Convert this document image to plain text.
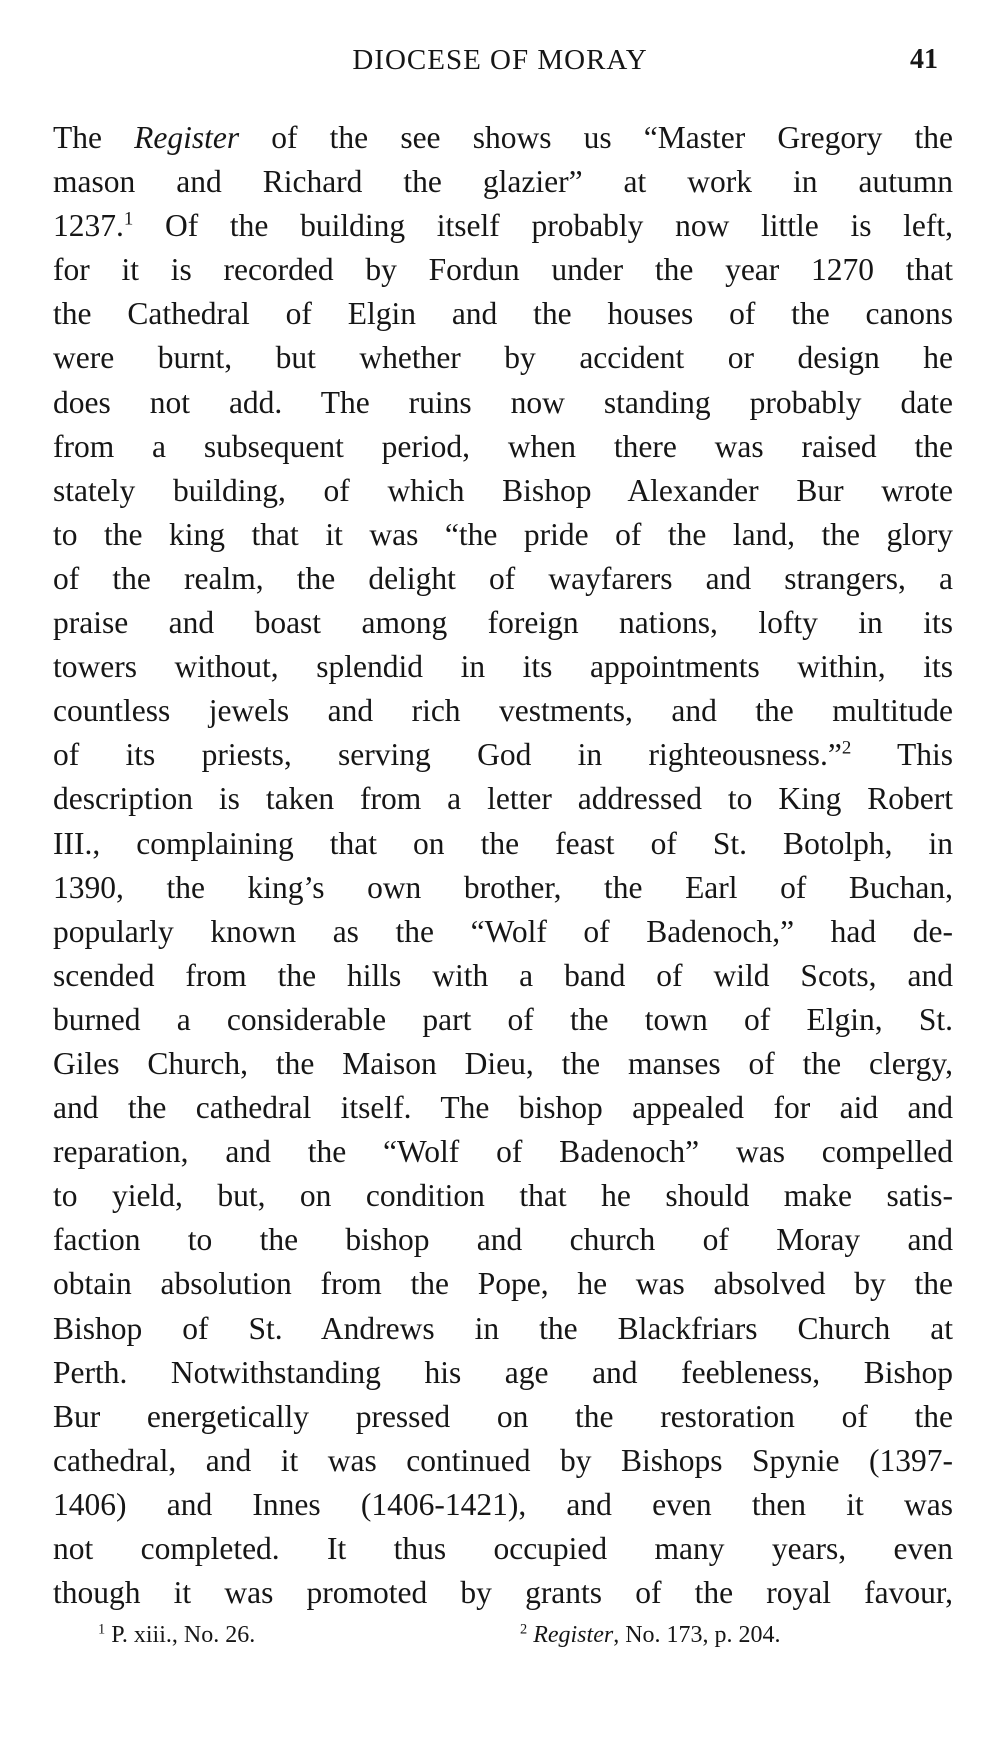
DIOCESE OF MORAY	41
The Register of the see shows us “Master Gregory the
mason and Richard the glazier” at work in autumn
1237.$^1$ Of the building itself probably now little is left,
for it is recorded by Fordun under the year 1270 that
the Cathedral of Elgin and the houses of the canons
were burnt, but whether by accident or design he
does not add. The ruins now standing probably date
from a subsequent period, when there was raised the
stately building, of which Bishop Alexander Bur wrote
to the king that it was “the pride of the land, the glory
of the realm, the delight of wayfarers and strangers, a
praise and boast among foreign nations, lofty in its
towers without, splendid in its appointments within, its
countless jewels and rich vestments, and the multitude
of its priests, serving God in righteousness.”$^2$ This
description is taken from a letter addressed to King Robert
III., complaining that on the feast of St. Botolph, in
1390, the king’s own brother, the Earl of Buchan,
popularly known as the “Wolf of Badenoch,” had de-
scended from the hills with a band of wild Scots, and
burned a considerable part of the town of Elgin, St.
Giles Church, the Maison Dieu, the manses of the clergy,
and the cathedral itself. The bishop appealed for aid and
reparation, and the “Wolf of Badenoch” was compelled
to yield, but, on condition that he should make satis-
faction to the bishop and church of Moray and
obtain absolution from the Pope, he was absolved by the
Bishop of St. Andrews in the Blackfriars Church at
Perth. Notwithstanding his age and feebleness, Bishop
Bur energetically pressed on the restoration of the
cathedral, and it was continued by Bishops Spynie (1397-
1406) and Innes (1406-1421), and even then it was
not completed. It thus occupied many years, even
though it was promoted by grants of the royal favour,
$^1$ P. xiii., No. 26.	$^2$ Register, No. 173, p. 204.
